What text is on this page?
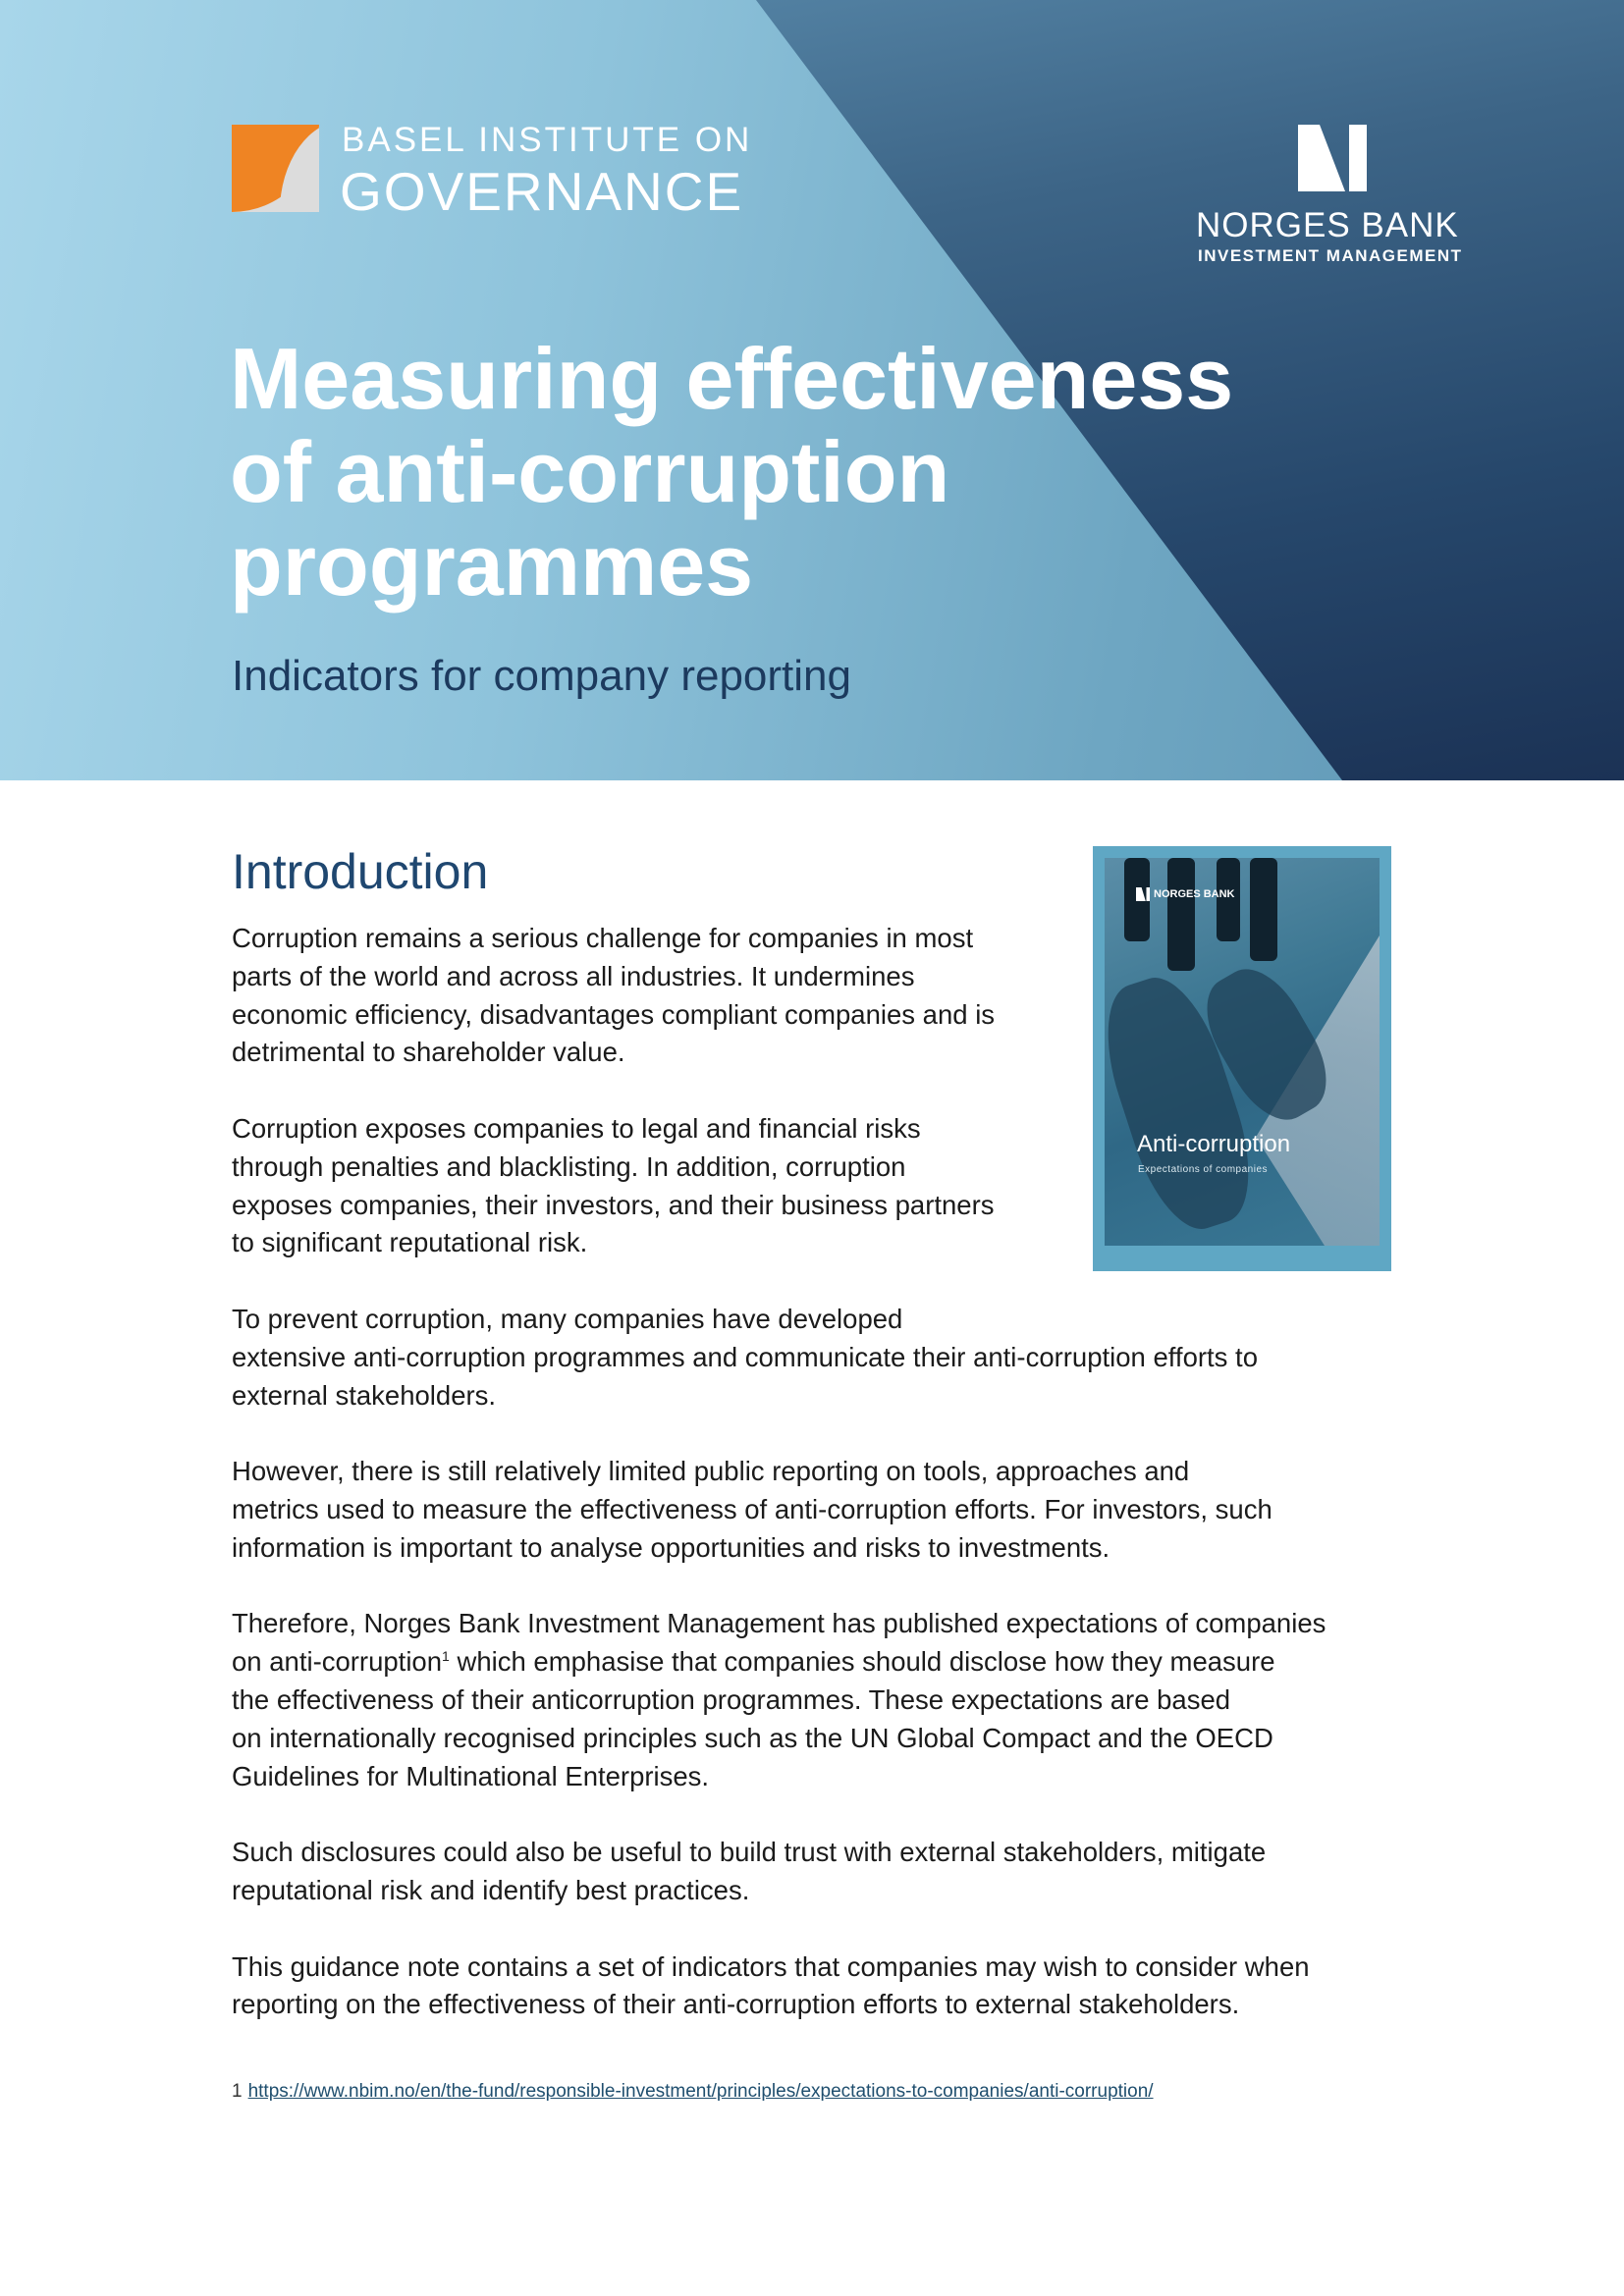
BASEL INSTITUTE ON
GOVERNANCE
NORGES BANK
INVESTMENT MANAGEMENT
Measuring effectiveness
of anti-corruption
programmes
Indicators for company reporting
Introduction
Corruption remains a serious challenge for companies in most
parts of the world and across all industries. It undermines
economic efficiency, disadvantages compliant companies and is
detrimental to shareholder value.
Corruption exposes companies to legal and financial risks
through penalties and blacklisting. In addition, corruption
exposes companies, their investors, and their business partners
to significant reputational risk.
To prevent corruption, many companies have developed
extensive anti-corruption programmes and communicate their anti-corruption efforts to
external stakeholders.
However, there is still relatively limited public reporting on tools, approaches and
metrics used to measure the effectiveness of anti-corruption efforts. For investors, such
information is important to analyse opportunities and risks to investments.
Therefore, Norges Bank Investment Management has published expectations of companies
on anti-corruption$^1$ which emphasise that companies should disclose how they measure
the effectiveness of their anticorruption programmes. These expectations are based
on internationally recognised principles such as the UN Global Compact and the OECD
Guidelines for Multinational Enterprises.
Such disclosures could also be useful to build trust with external stakeholders, mitigate
reputational risk and identify best practices.
This guidance note contains a set of indicators that companies may wish to consider when
reporting on the effectiveness of their anti-corruption efforts to external stakeholders.
NORGES BANK
Anti-corruption
Expectations of companies
1 https://www.nbim.no/en/the-fund/responsible-investment/principles/expectations-to-companies/anti-corruption/
